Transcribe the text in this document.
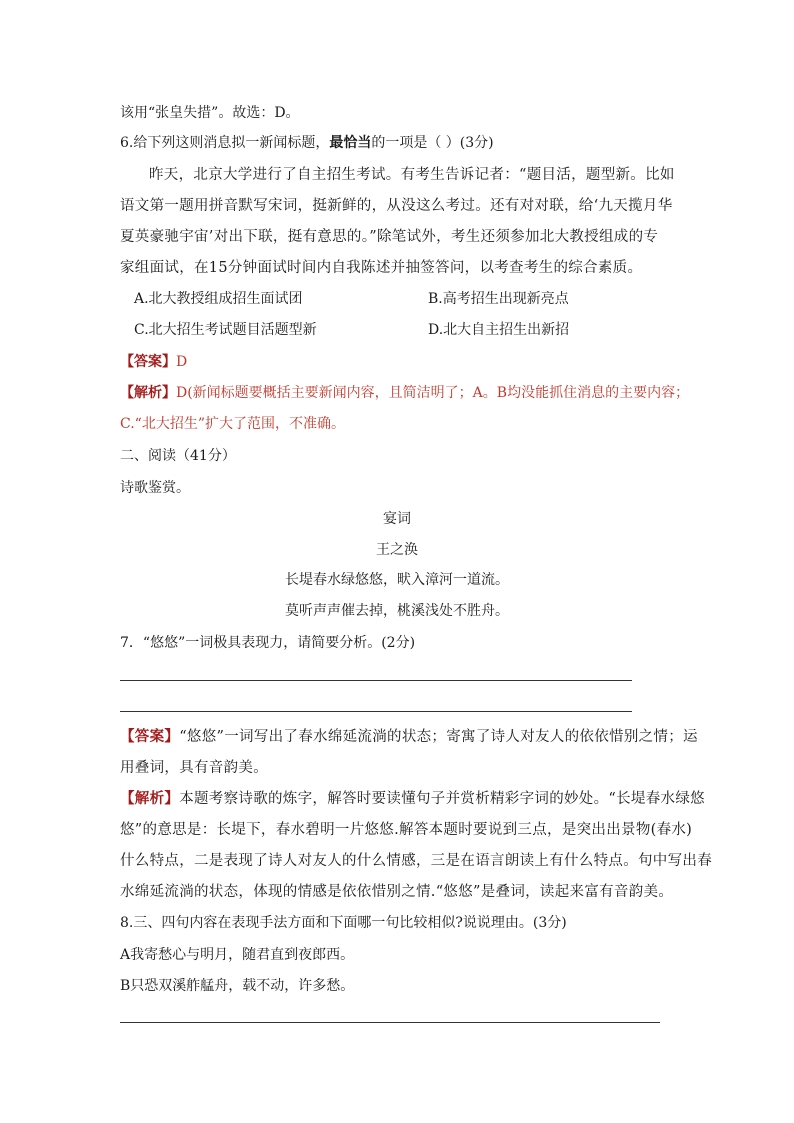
该用“张皇失措”。故选：D。
6.给下列这则消息拟一新闻标题，最恰当的一项是（ ）(3分)
昨天，北京大学进行了自主招生考试。有考生告诉记者：“题目活，题型新。比如
语文第一题用拼音默写宋词，挺新鲜的，从没这么考过。还有对对联，给‘九天揽月华
夏英豪驰宇宙’对出下联，挺有意思的。”除笔试外，考生还须参加北大教授组成的专
家组面试，在15分钟面试时间内自我陈述并抽签答问，以考查考生的综合素质。
A.北大教授组成招生面试团	B.高考招生出现新亮点
C.北大招生考试题目活题型新	D.北大自主招生出新招
【答案】D
【解析】D(新闻标题要概括主要新闻内容，且简洁明了；A。B均没能抓住消息的主要内容；
C.“北大招生”扩大了范围，不准确。
二、阅读（41分）
诗歌鉴赏。
宴词
王之涣
长堤春水绿悠悠，畎入漳河一道流。
莫听声声催去掉，桃溪浅处不胜舟。
7．“悠悠”一词极具表现力，请简要分析。(2分)
【答案】“悠悠”一词写出了春水绵延流淌的状态；寄寓了诗人对友人的依依惜别之情；运
用叠词，具有音韵美。
【解析】本题考察诗歌的炼字，解答时要读懂句子并赏析精彩字词的妙处。“长堤春水绿悠
悠”的意思是：长堤下，春水碧明一片悠悠.解答本题时要说到三点，是突出出景物(春水)
什么特点，二是表现了诗人对友人的什么情感，三是在语言朗读上有什么特点。句中写出春
水绵延流淌的状态，体现的情感是依依惜别之情.“悠悠”是叠词，读起来富有音韵美。
8.三、四句内容在表现手法方面和下面哪一句比较相似?说说理由。(3分)
A我寄愁心与明月，随君直到夜郎西。
B只恐双溪舴艋舟，载不动，许多愁。
